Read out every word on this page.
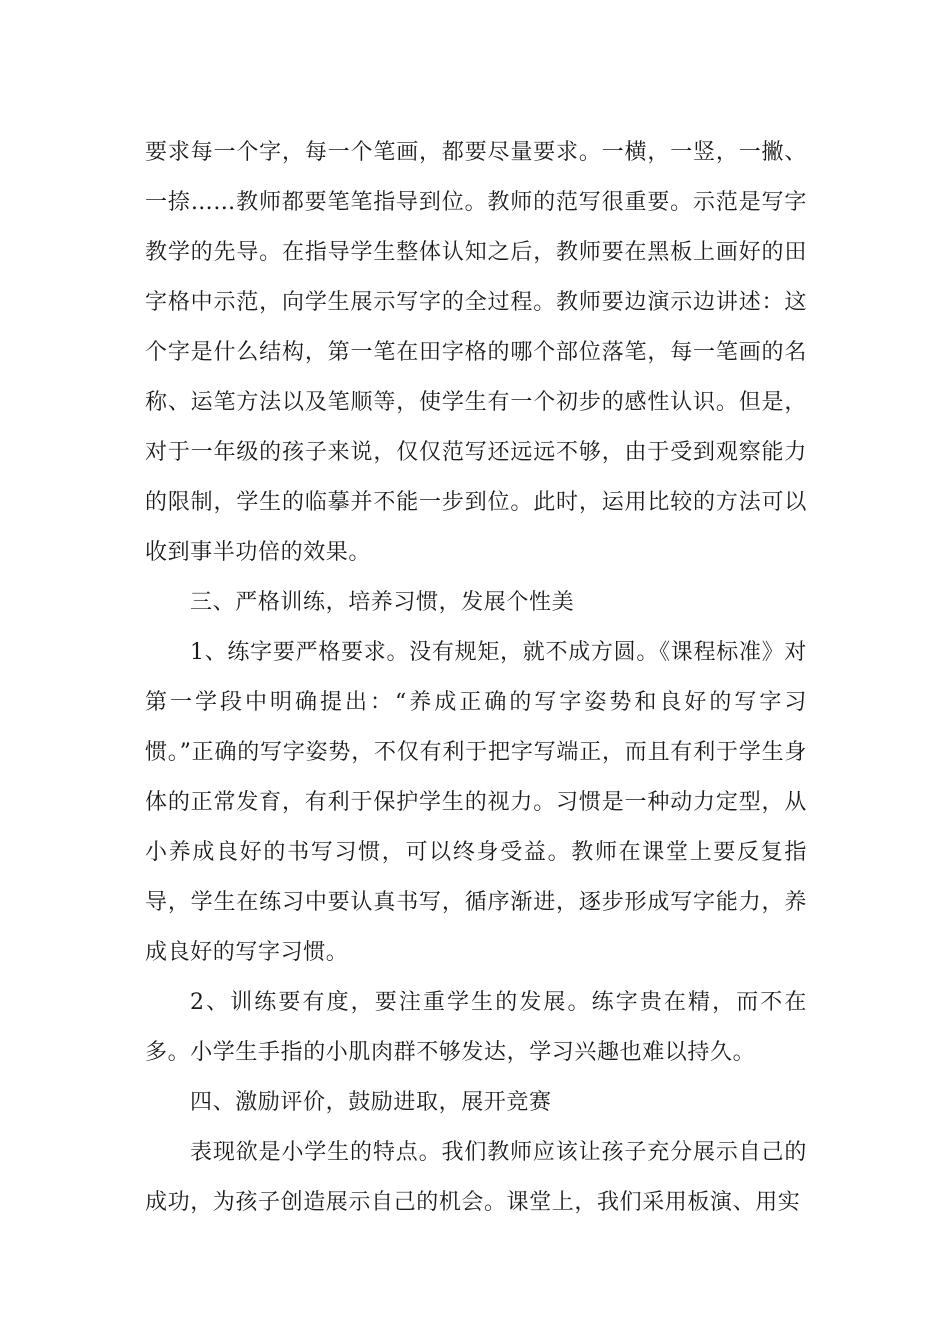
要求每一个字，每一个笔画，都要尽量要求。一横，一竖，一撇、一捺……教师都要笔笔指导到位。教师的范写很重要。示范是写字教学的先导。在指导学生整体认知之后，教师要在黑板上画好的田字格中示范，向学生展示写字的全过程。教师要边演示边讲述：这个字是什么结构，第一笔在田字格的哪个部位落笔，每一笔画的名称、运笔方法以及笔顺等，使学生有一个初步的感性认识。但是，对于一年级的孩子来说，仅仅范写还远远不够，由于受到观察能力的限制，学生的临摹并不能一步到位。此时，运用比较的方法可以收到事半功倍的效果。

三、严格训练，培养习惯，发展个性美

1、练字要严格要求。没有规矩，就不成方圆。《课程标准》对第一学段中明确提出：“养成正确的写字姿势和良好的写字习惯。”正确的写字姿势，不仅有利于把字写端正，而且有利于学生身体的正常发育，有利于保护学生的视力。习惯是一种动力定型，从小养成良好的书写习惯，可以终身受益。教师在课堂上要反复指导，学生在练习中要认真书写，循序渐进，逐步形成写字能力，养成良好的写字习惯。

2、训练要有度，要注重学生的发展。练字贵在精，而不在多。小学生手指的小肌肉群不够发达，学习兴趣也难以持久。

四、激励评价，鼓励进取，展开竞赛

表现欲是小学生的特点。我们教师应该让孩子充分展示自己的成功，为孩子创造展示自己的机会。课堂上，我们采用板演、用实
